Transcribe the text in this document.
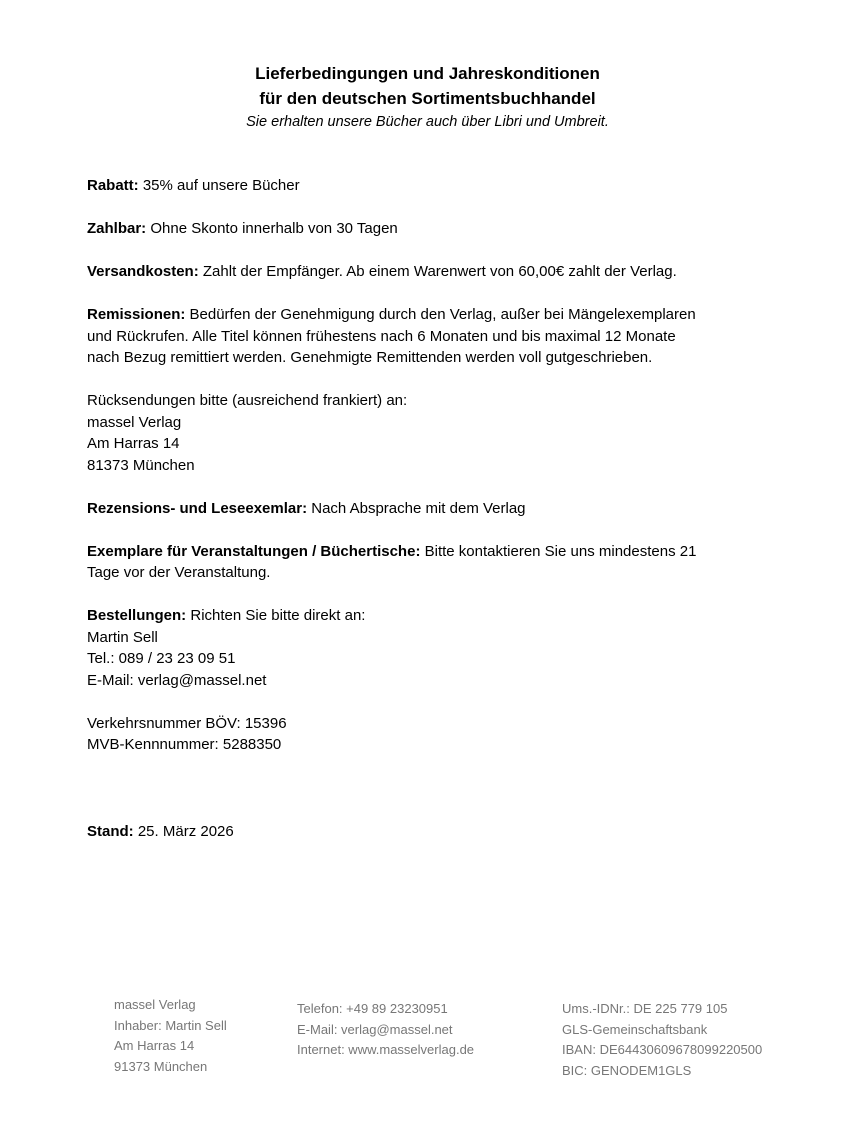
Lieferbedingungen und Jahreskonditionen
für den deutschen Sortimentsbuchhandel
Sie erhalten unsere Bücher auch über Libri und Umbreit.
Rabatt: 35% auf unsere Bücher
Zahlbar: Ohne Skonto innerhalb von 30 Tagen
Versandkosten: Zahlt der Empfänger. Ab einem Warenwert von 60,00€ zahlt der Verlag.
Remissionen: Bedürfen der Genehmigung durch den Verlag, außer bei Mängelexemplaren
und Rückrufen. Alle Titel können frühestens nach 6 Monaten und bis maximal 12 Monate
nach Bezug remittiert werden. Genehmigte Remittenden werden voll gutgeschrieben.
Rücksendungen bitte (ausreichend frankiert) an:
massel Verlag
Am Harras 14
81373 München
Rezensions- und Leseexemlar: Nach Absprache mit dem Verlag
Exemplare für Veranstaltungen / Büchertische: Bitte kontaktieren Sie uns mindestens 21
Tage vor der Veranstaltung.
Bestellungen: Richten Sie bitte direkt an:
Martin Sell
Tel.: 089 / 23 23 09 51
E-Mail: verlag@massel.net
Verkehrsnummer BÖV: 15396
MVB-Kennnummer: 5288350
Stand: 25. März 2026
massel Verlag
Inhaber: Martin Sell
Am Harras 14
91373 München
Telefon: +49 89 23230951
E-Mail: verlag@massel.net
Internet: www.masselverlag.de
Ums.-IDNr.: DE 225 779 105
GLS-Gemeinschaftsbank
IBAN: DE64430609678099220500
BIC: GENODEM1GLS
